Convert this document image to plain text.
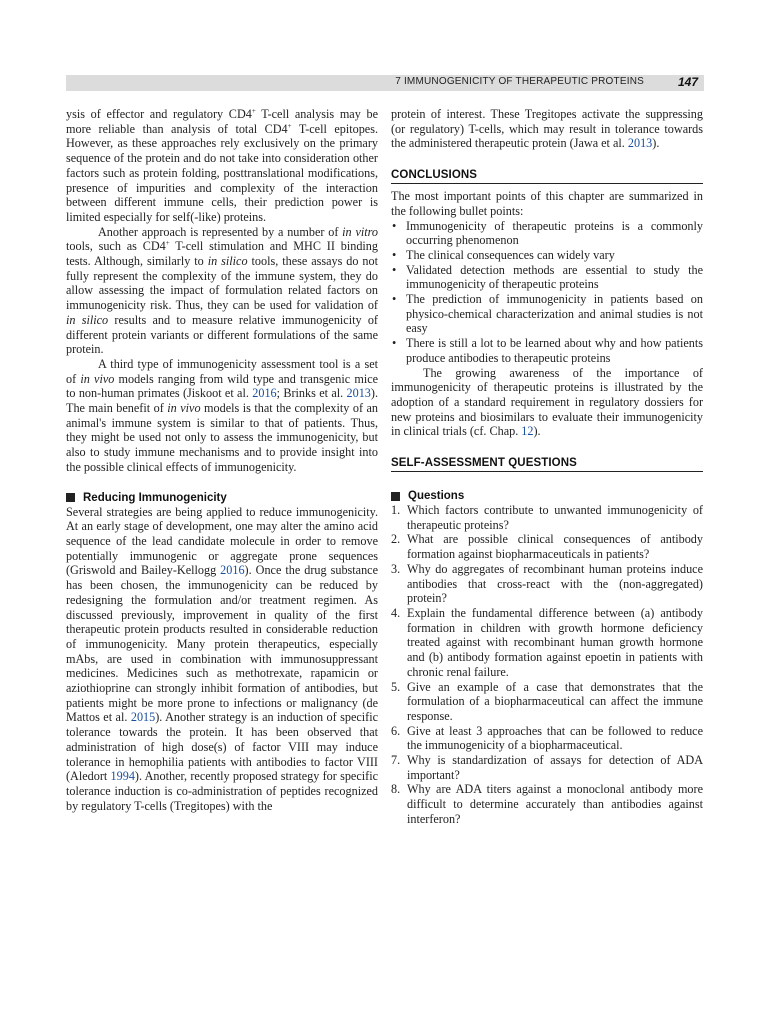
7 IMMUNOGENICITY OF THERAPEUTIC PROTEINS	147

ysis of effector and regulatory CD4+ T-cell analysis may be more reliable than analysis of total CD4+ T-cell epitopes. However, as these approaches rely exclusively on the primary sequence of the protein and do not take into consideration other factors such as protein folding, posttranslational modifications, presence of impurities and complexity of the interaction between different immune cells, their prediction power is limited especially for self(-like) proteins.

Another approach is represented by a number of in vitro tools, such as CD4+ T-cell stimulation and MHC II binding tests. Although, similarly to in silico tools, these assays do not fully represent the complexity of the immune system, they do allow assessing the impact of formulation related factors on immunogenicity risk. Thus, they can be used for validation of in silico results and to measure relative immunogenicity of different protein variants or different formulations of the same protein.

A third type of immunogenicity assessment tool is a set of in vivo models ranging from wild type and transgenic mice to non-human primates (Jiskoot et al. 2016; Brinks et al. 2013). The main benefit of in vivo models is that the complexity of an animal's immune system is similar to that of patients. Thus, they might be used not only to assess the immunogenicity, but also to study immune mechanisms and to provide insight into the possible clinical effects of immunogenicity.

Reducing Immunogenicity

Several strategies are being applied to reduce immunogenicity. At an early stage of development, one may alter the amino acid sequence of the lead candidate molecule in order to remove potentially immunogenic or aggregate prone sequences (Griswold and Bailey-Kellogg 2016). Once the drug substance has been chosen, the immunogenicity can be reduced by redesigning the formulation and/or treatment regimen. As discussed previously, improvement in quality of the first therapeutic protein products resulted in considerable reduction of immunogenicity. Many protein therapeutics, especially mAbs, are used in combination with immunosuppressant medicines. Medicines such as methotrexate, rapamicin or aziothioprine can strongly inhibit formation of antibodies, but patients might be more prone to infections or malignancy (de Mattos et al. 2015). Another strategy is an induction of specific tolerance towards the protein. It has been observed that administration of high dose(s) of factor VIII may induce tolerance in hemophilia patients with antibodies to factor VIII (Aledort 1994). Another, recently proposed strategy for specific tolerance induction is co-administration of peptides recognized by regulatory T-cells (Tregitopes) with the

protein of interest. These Tregitopes activate the suppressing (or regulatory) T-cells, which may result in tolerance towards the administered therapeutic protein (Jawa et al. 2013).

CONCLUSIONS

The most important points of this chapter are summarized in the following bullet points:

• Immunogenicity of therapeutic proteins is a commonly occurring phenomenon
• The clinical consequences can widely vary
• Validated detection methods are essential to study the immunogenicity of therapeutic proteins
• The prediction of immunogenicity in patients based on physico-chemical characterization and animal studies is not easy
• There is still a lot to be learned about why and how patients produce antibodies to therapeutic proteins

The growing awareness of the importance of immunogenicity of therapeutic proteins is illustrated by the adoption of a standard requirement in regulatory dossiers for new proteins and biosimilars to evaluate their immunogenicity in clinical trials (cf. Chap. 12).

SELF-ASSESSMENT QUESTIONS
Questions
1. Which factors contribute to unwanted immunogenicity of therapeutic proteins?
2. What are possible clinical consequences of antibody formation against biopharmaceuticals in patients?
3. Why do aggregates of recombinant human proteins induce antibodies that cross-react with the (non-aggregated) protein?
4. Explain the fundamental difference between (a) antibody formation in children with growth hormone deficiency treated against with recombinant human growth hormone and (b) antibody formation against epoetin in patients with chronic renal failure.
5. Give an example of a case that demonstrates that the formulation of a biopharmaceutical can affect the immune response.
6. Give at least 3 approaches that can be followed to reduce the immunogenicity of a biopharmaceutical.
7. Why is standardization of assays for detection of ADA important?
8. Why are ADA titers against a monoclonal antibody more difficult to determine accurately than antibodies against interferon?
